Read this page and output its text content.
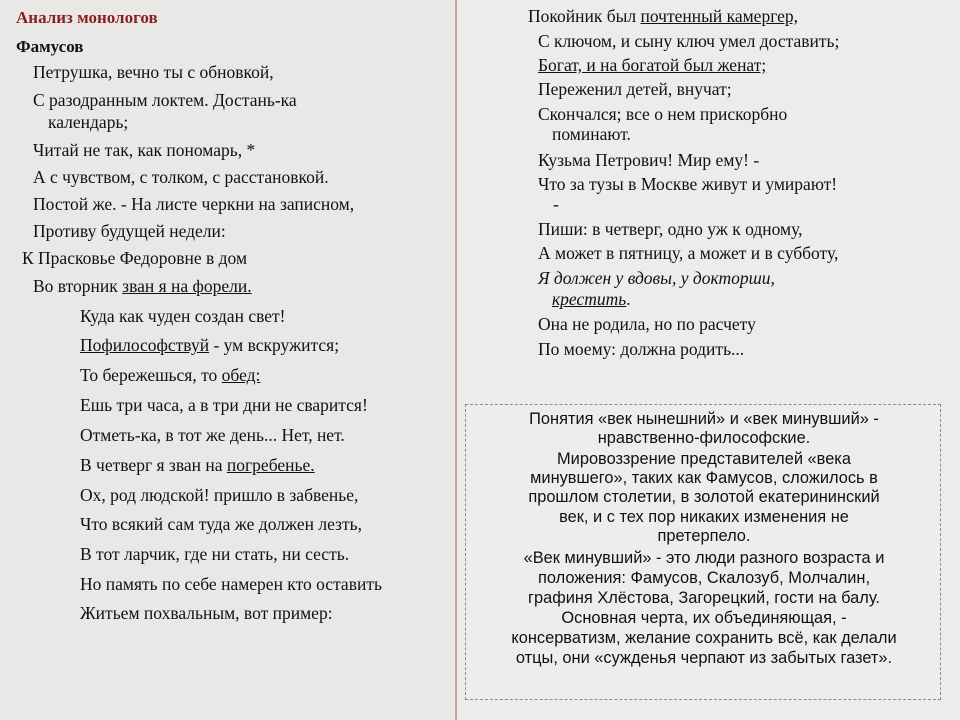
Анализ монологов
Фамусов
Петрушка, вечно ты с обновкой,
С разодранным локтем. Достань-ка
календарь;
Читай не так, как пономарь, *
А с чувством, с толком, с расстановкой.
Постой же. - На листе черкни на записном,
Противу будущей недели:
К Прасковье Федоровне в дом
Во вторник зван я на форели.
Куда как чуден создан свет!
Пофилософствуй - ум вскружится;
То бережешься, то обед:
Ешь три часа, а в три дни не сварится!
Отметь-ка, в тот же день... Нет, нет.
В четверг я зван на погребенье.
Ох, род людской! пришло в забвенье,
Что всякий сам туда же должен лезть,
В тот ларчик, где ни стать, ни сесть.
Но память по себе намерен кто оставить
Житьем похвальным, вот пример:
Покойник был почтенный камергер,
С ключом, и сыну ключ умел доставить;
Богат, и на богатой был женат;
Переженил детей, внучат;
Скончался; все о нем прискорбно
поминают.
Кузьма Петрович! Мир ему! -
Что за тузы в Москве живут и умирают!
-
Пиши: в четверг, одно уж к одному,
А может в пятницу, а может и в субботу,
Я должен у вдовы, у докторши,
крестить.
Она не родила, но по расчету
По моему: должна родить...
Понятия «век нынешний» и «век минувший» -
нравственно-философские.
Мировоззрение представителей «века
минувшего», таких как Фамусов, сложилось в
прошлом столетии, в золотой екатерининский
век, и с тех пор никаких изменения не
претерпело.
«Век минувший» - это люди разного возраста и
положения: Фамусов, Скалозуб, Молчалин,
графиня Хлёстова, Загорецкий, гости на балу.
Основная черта, их объединяющая, -
консерватизм, желание сохранить всё, как делали
отцы, они «сужденья черпают из забытых газет».
